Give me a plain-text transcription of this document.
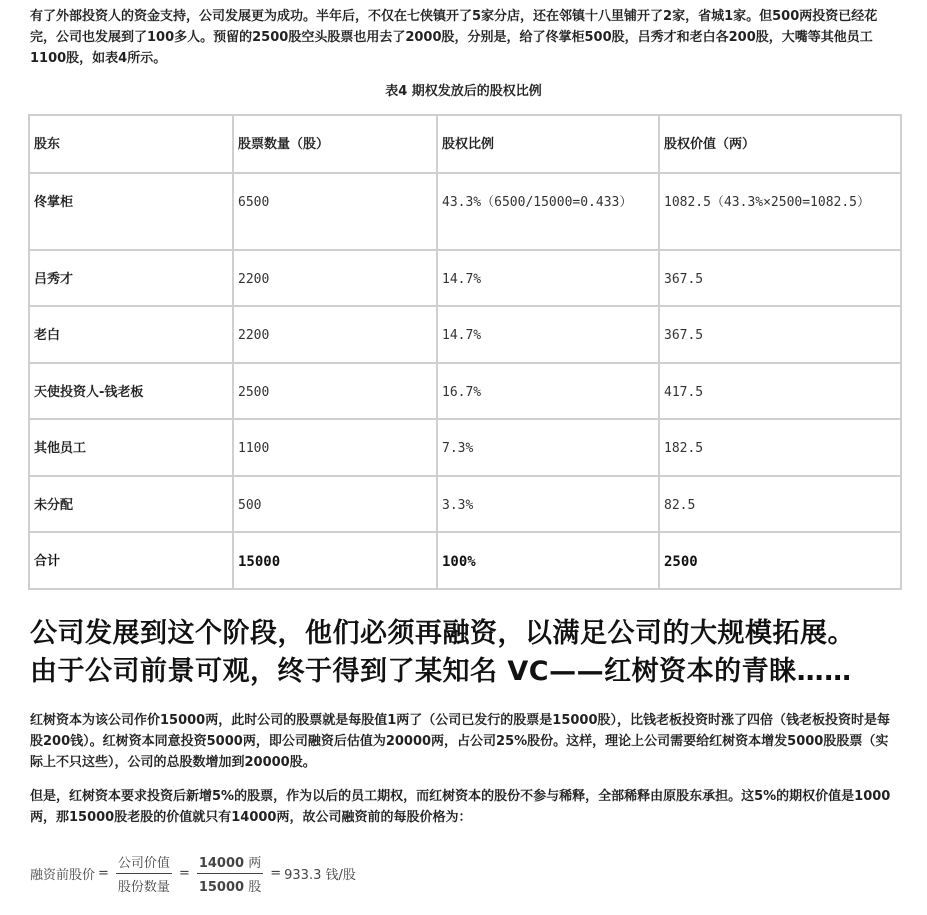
有了外部投资人的资金支持，公司发展更为成功。半年后，不仅在七侠镇开了5家分店，还在邻镇十八里铺开了2家，省城1家。但500两投资已经花完，公司也发展到了100多人。预留的2500股空头股票也用去了2000股，分别是，给了佟掌柜500股，吕秀才和老白各200股，大嘴等其他员工1100股，如表4所示。

表4 期权发放后的股权比例
股东	股票数量（股）	股权比例	股权价值（两）
佟掌柜	6500	43.3%（6500/15000=0.433）	1082.5（43.3%×2500=1082.5）
吕秀才	2200	14.7%	367.5
老白	2200	14.7%	367.5
天使投资人-钱老板	2500	16.7%	417.5
其他员工	1100	7.3%	182.5
未分配	500	3.3%	82.5
合计	15000	100%	2500

公司发展到这个阶段，他们必须再融资，以满足公司的大规模拓展。

由于公司前景可观，终于得到了某知名 VC——红树资本的青睐……

红树资本为该公司作价15000两，此时公司的股票就是每股值1两了（公司已发行的股票是15000股），比钱老板投资时涨了四倍（钱老板投资时是每股200钱）。红树资本同意投资5000两，即公司融资后估值为20000两，占公司25%股份。这样，理论上公司需要给红树资本增发5000股股票（实际上不只这些），公司的总股数增加到20000股。

但是，红树资本要求投资后新增5%的股票，作为以后的员工期权，而红树资本的股份不参与稀释，全部稀释由原股东承担。这5%的期权价值是1000两，那15000股老股的价值就只有14000两，故公司融资前的每股价格为：

融资前股价 = $\frac{\text{公司价值}}{\text{股份数量}} = \frac{\text{14000 两}}{\text{15000 股}} = 933.3$ 钱/股
